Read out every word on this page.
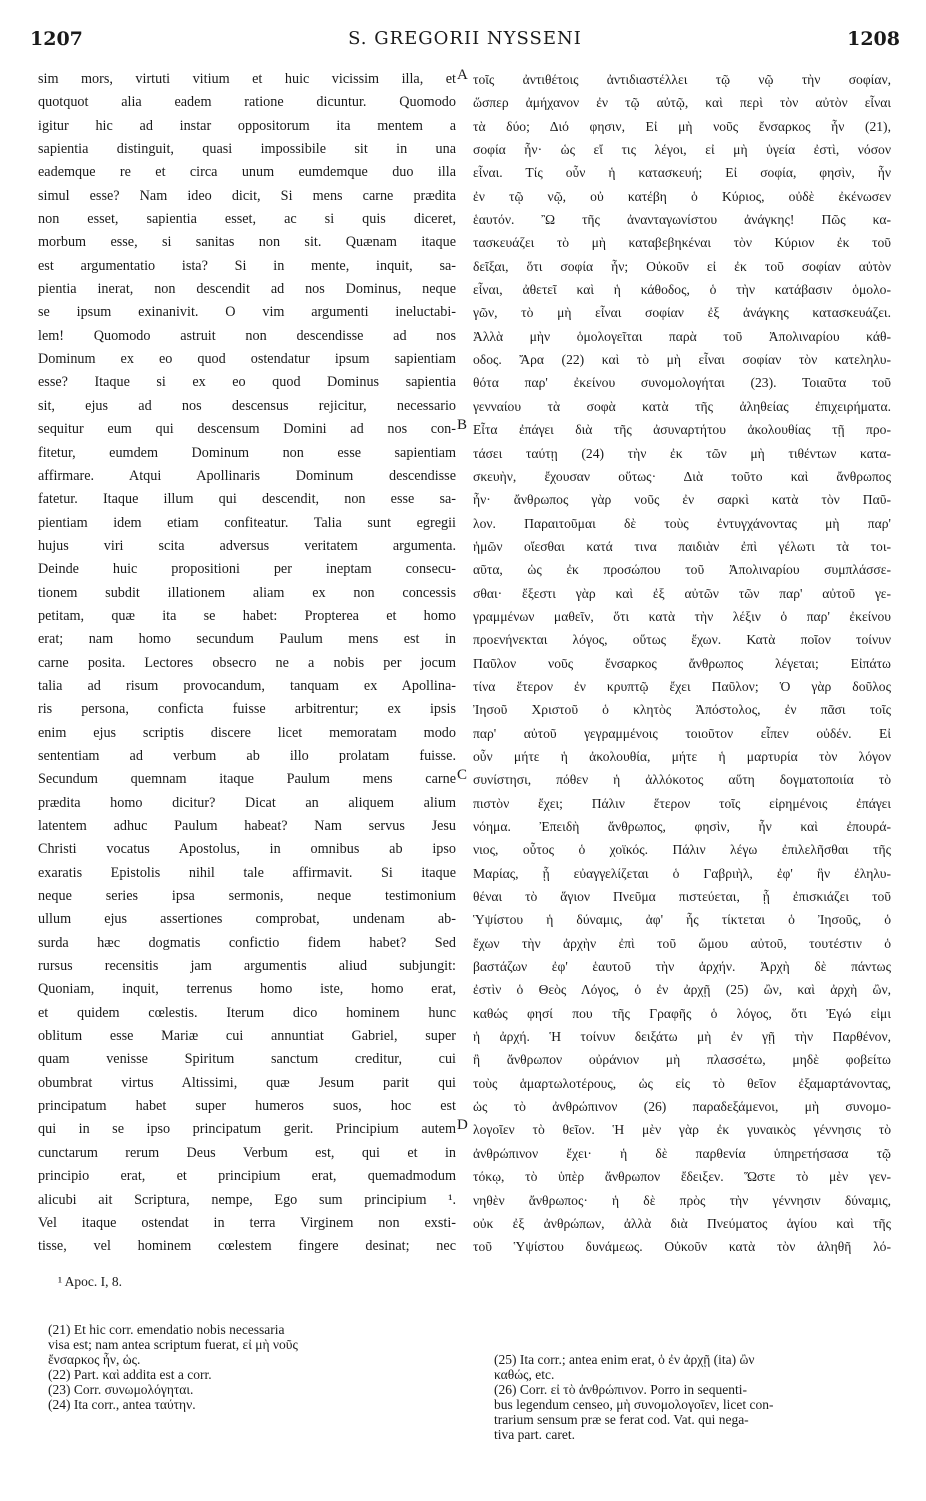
1207	S. GREGORII NYSSENI	1208
sim mors, virtuti vitium et huic vicissim illa, et
quotquot alia eadem ratione dicuntur. Quomodo
igitur hic ad instar oppositorum ita mentem a
sapientia distinguit, quasi impossibile sit in una
eademque re et circa unum eumdemque duo illa
simul esse? Nam ideo dicit, Si mens carne prædita
non esset, sapientia esset, ac si quis diceret,
morbum esse, si sanitas non sit. Quænam itaque
est argumentatio ista? Si in mente, inquit, sa-
pientia inerat, non descendit ad nos Dominus, neque
se ipsum exinanivit. O vim argumenti ineluctabi-
lem! Quomodo astruit non descendisse ad nos
Dominum ex eo quod ostendatur ipsum sapientiam
esse? Itaque si ex eo quod Dominus sapientia
sit, ejus ad nos descensus rejicitur, necessario
sequitur eum qui descensum Domini ad nos con-
fitetur, eumdem Dominum non esse sapientiam
affirmare. Atqui Apollinaris Dominum descendisse
fatetur. Itaque illum qui descendit, non esse sa-
pientiam idem etiam confiteatur. Talia sunt egregii
hujus viri scita adversus veritatem argumenta.
Deinde huic propositioni per ineptam consecu-
tionem subdit illationem aliam ex non concessis
petitam, quæ ita se habet: Propterea et homo
erat; nam homo secundum Paulum mens est in
carne posita. Lectores obsecro ne a nobis per jocum
talia ad risum provocandum, tanquam ex Apollina-
ris persona, conficta fuisse arbitrentur; ex ipsis
enim ejus scriptis discere licet memoratam modo
sententiam ad verbum ab illo prolatam fuisse.
Secundum quemnam itaque Paulum mens carne
prædita homo dicitur? Dicat an aliquem alium
latentem adhuc Paulum habeat? Nam servus Jesu
Christi vocatus Apostolus, in omnibus ab ipso
exaratis Epistolis nihil tale affirmavit. Si itaque
neque series ipsa sermonis, neque testimonium
ullum ejus assertiones comprobat, undenam ab-
surda hæc dogmatis confictio fidem habet? Sed
rursus recensitis jam argumentis aliud subjungit:
Quoniam, inquit, terrenus homo iste, homo erat,
et quidem cœlestis. Iterum dico hominem hunc
oblitum esse Mariæ cui annuntiat Gabriel, super
quam venisse Spiritum sanctum creditur, cui
obumbrat virtus Altissimi, quæ Jesum parit qui
principatum habet super humeros suos, hoc est
qui in se ipso principatum gerit. Principium autem
cunctarum rerum Deus Verbum est, qui et in
principio erat, et principium erat, quemadmodum
alicubi ait Scriptura, nempe, Ego sum principium ¹.
Vel itaque ostendat in terra Virginem non exsti-
tisse, vel hominem cœlestem fingere desinat; nec
τοῖς ἀντιθέτοις ἀντιδιαστέλλει τῷ νῷ τὴν σοφίαν,
ὥσπερ ἀμήχανον ἐν τῷ αὐτῷ, καὶ περὶ τὸν αὐτὸν εἶναι
τὰ δύο; Διό φησιν, Εἰ μὴ νοῦς ἔνσαρκος ἦν (21),
σοφία ἦν· ὡς εἴ τις λέγοι, εἰ μὴ ὑγεία ἐστὶ, νόσον
εἶναι. Τίς οὖν ἡ κατασκευή; Εἰ σοφία, φησὶν, ἦν
ἐν τῷ νῷ, οὐ κατέβη ὁ Κύριος, οὐδὲ ἐκένωσεν
ἑαυτόν. Ὢ τῆς ἀνανταγωνίστου ἀνάγκης! Πῶς κα-
τασκευάζει τὸ μὴ καταβεβηκέναι τὸν Κύριον ἐκ τοῦ
δεῖξαι, ὅτι σοφία ἦν; Οὐκοῦν εἰ ἐκ τοῦ σοφίαν αὐτὸν
εἶναι, ἀθετεῖ καὶ ἡ κάθοδος, ὁ τὴν κατάβασιν ὁμολο-
γῶν, τὸ μὴ εἶναι σοφίαν ἐξ ἀνάγκης κατασκευάζει.
Ἀλλὰ μὴν ὁμολογεῖται παρὰ τοῦ Ἀπολιναρίου κάθ-
οδος. Ἄρα (22) καὶ τὸ μὴ εἶναι σοφίαν τὸν κατεληλυ-
θότα παρ' ἐκείνου συνομολογήται (23). Τοιαῦτα τοῦ
γενναίου τὰ σοφὰ κατὰ τῆς ἀληθείας ἐπιχειρήματα.
Εἶτα ἐπάγει διὰ τῆς ἀσυναρτήτου ἀκολουθίας τῇ προ-
τάσει ταύτῃ (24) τὴν ἐκ τῶν μὴ τιθέντων κατα-
σκευὴν, ἔχουσαν οὕτως· Διὰ τοῦτο καὶ ἄνθρωπος
ἦν· ἄνθρωπος γὰρ νοῦς ἐν σαρκὶ κατὰ τὸν Παῦ-
λον. Παραιτοῦμαι δὲ τοὺς ἐντυγχάνοντας μὴ παρ'
ἡμῶν οἴεσθαι κατά τινα παιδιὰν ἐπὶ γέλωτι τὰ τοι-
αῦτα, ὡς ἐκ προσώπου τοῦ Ἀπολιναρίου συμπλάσσε-
σθαι· ἔξεστι γὰρ καὶ ἐξ αὐτῶν τῶν παρ' αὐτοῦ γε-
γραμμένων μαθεῖν, ὅτι κατὰ τὴν λέξιν ὁ παρ' ἐκείνου
προενήνεκται λόγος, οὕτως ἔχων. Κατὰ ποῖον τοίνυν
Παῦλον νοῦς ἔνσαρκος ἄνθρωπος λέγεται; Εἰπάτω
τίνα ἕτερον ἐν κρυπτῷ ἔχει Παῦλον; Ὁ γὰρ δοῦλος
Ἰησοῦ Χριστοῦ ὁ κλητὸς Ἀπόστολος, ἐν πᾶσι τοῖς
παρ' αὐτοῦ γεγραμμένοις τοιοῦτον εἶπεν οὐδέν. Εἰ
οὖν μήτε ἡ ἀκολουθία, μήτε ἡ μαρτυρία τὸν λόγον
συνίστησι, πόθεν ἡ ἀλλόκοτος αὕτη δογματοποιία τὸ
πιστὸν ἔχει; Πάλιν ἕτερον τοῖς εἰρημένοις ἐπάγει
νόημα. Ἐπειδὴ ἄνθρωπος, φησὶν, ἦν καὶ ἐπουρά-
νιος, οὗτος ὁ χοϊκός. Πάλιν λέγω ἐπιλελῆσθαι τῆς
Μαρίας, ᾗ εὐαγγελίζεται ὁ Γαβριὴλ, ἐφ' ἣν ἐληλυ-
θέναι τὸ ἅγιον Πνεῦμα πιστεύεται, ᾗ ἐπισκιάζει τοῦ
Ὑψίστου ἡ δύναμις, ἀφ' ἧς τίκτεται ὁ Ἰησοῦς, ὁ
ἔχων τὴν ἀρχὴν ἐπὶ τοῦ ὤμου αὐτοῦ, τουτέστιν ὁ
βαστάζων ἐφ' ἑαυτοῦ τὴν ἀρχήν. Ἀρχὴ δὲ πάντως
ἐστὶν ὁ Θεὸς Λόγος, ὁ ἐν ἀρχῇ (25) ὢν, καὶ ἀρχὴ ὢν,
καθώς φησί που τῆς Γραφῆς ὁ λόγος, ὅτι Ἐγώ εἰμι
ἡ ἀρχή. Ἡ τοίνυν δειξάτω μὴ ἐν γῇ τὴν Παρθένον,
ἢ ἄνθρωπον οὐράνιον μὴ πλασσέτω, μηδὲ φοβείτω
τοὺς ἁμαρτωλοτέρους, ὡς εἰς τὸ θεῖον ἐξαμαρτάνοντας,
ὡς τὸ ἀνθρώπινον (26) παραδεξάμενοι, μὴ συνομο-
λογοῖεν τὸ θεῖον. Ἡ μὲν γὰρ ἐκ γυναικὸς γέννησις τὸ
ἀνθρώπινον ἔχει· ἡ δὲ παρθενία ὑπηρετήσασα τῷ
τόκῳ, τὸ ὑπὲρ ἄνθρωπον ἔδειξεν. Ὥστε τὸ μὲν γεν-
νηθὲν ἄνθρωπος· ἡ δὲ πρὸς τὴν γέννησιν δύναμις,
οὐκ ἐξ ἀνθρώπων, ἀλλὰ διὰ Πνεύματος ἁγίου καὶ τῆς
τοῦ Ὑψίστου δυνάμεως. Οὐκοῦν κατὰ τὸν ἀληθῆ λό-
A
B
C
D
¹ Apoc. I, 8.
(21) Et hic corr. emendatio nobis necessaria
visa est; nam antea scriptum fuerat, εἰ μὴ νοῦς
ἔνσαρκος ἦν, ὡς.
(22) Part. καὶ addita est a corr.
(23) Corr. συνωμολόγηται.
(24) Ita corr., antea ταύτην.
(25) Ita corr.; antea enim erat, ὁ ἐν ἀρχῇ (ita) ὢν
καθώς, etc.
(26) Corr. εἰ τὸ ἀνθρώπινον. Porro in sequenti-
bus legendum censeo, μὴ συνομολογοῖεν, licet con-
trarium sensum præ se ferat cod. Vat. qui nega-
tiva part. caret.
